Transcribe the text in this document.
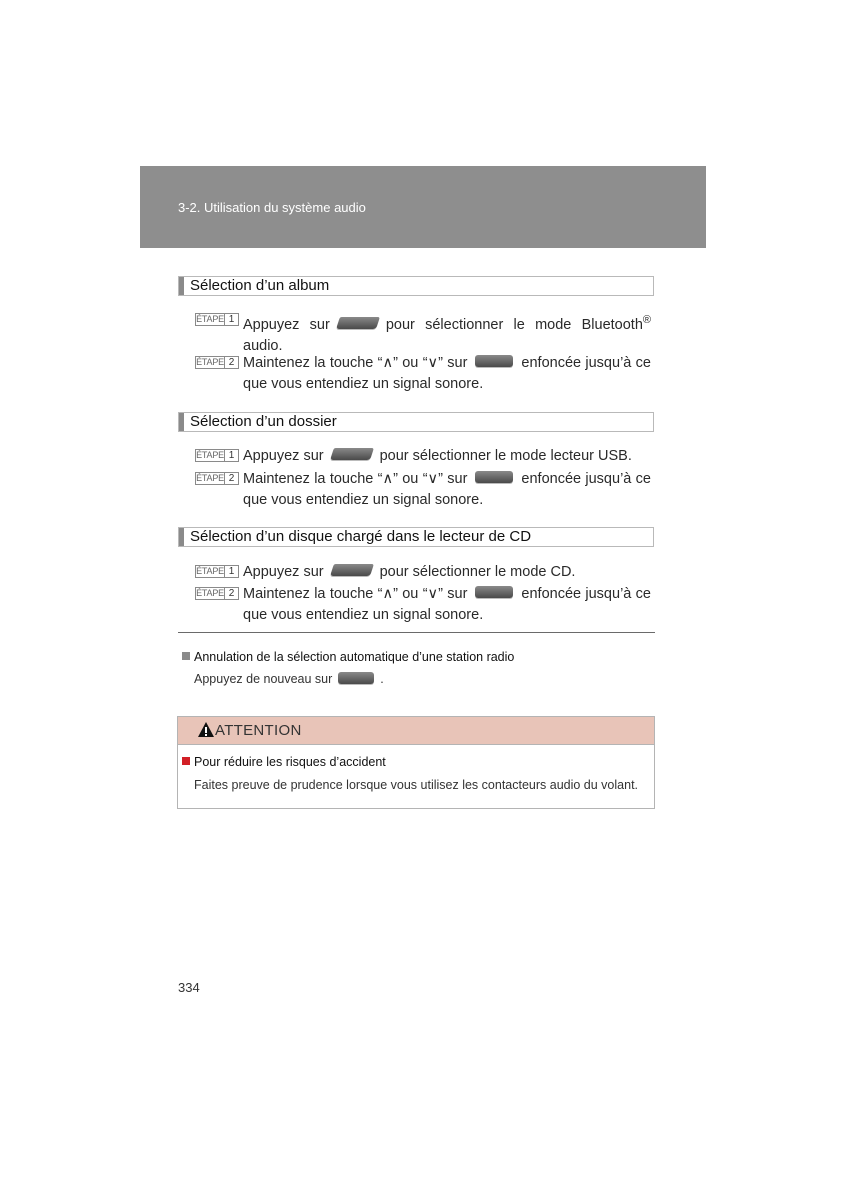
3-2. Utilisation du système audio
Sélection d’un album
ÉTAPE 1 Appuyez sur	pour sélectionner le mode Bluetooth®
audio.
ÉTAPE 2 Maintenez la touche “∧” ou “∨” sur	enfoncée jusqu’à ce
que vous entendiez un signal sonore.
Sélection d’un dossier
ÉTAPE 1 Appuyez sur	pour sélectionner le mode lecteur USB.
ÉTAPE 2 Maintenez la touche “∧” ou “∨” sur	enfoncée jusqu’à ce
que vous entendiez un signal sonore.
Sélection d’un disque chargé dans le lecteur de CD
ÉTAPE 1 Appuyez sur	pour sélectionner le mode CD.
ÉTAPE 2 Maintenez la touche “∧” ou “∨” sur	enfoncée jusqu’à ce
que vous entendiez un signal sonore.
Annulation de la sélection automatique d’une station radio
Appuyez de nouveau sur	.
ATTENTION
Pour réduire les risques d’accident
Faites preuve de prudence lorsque vous utilisez les contacteurs audio du volant.
334
